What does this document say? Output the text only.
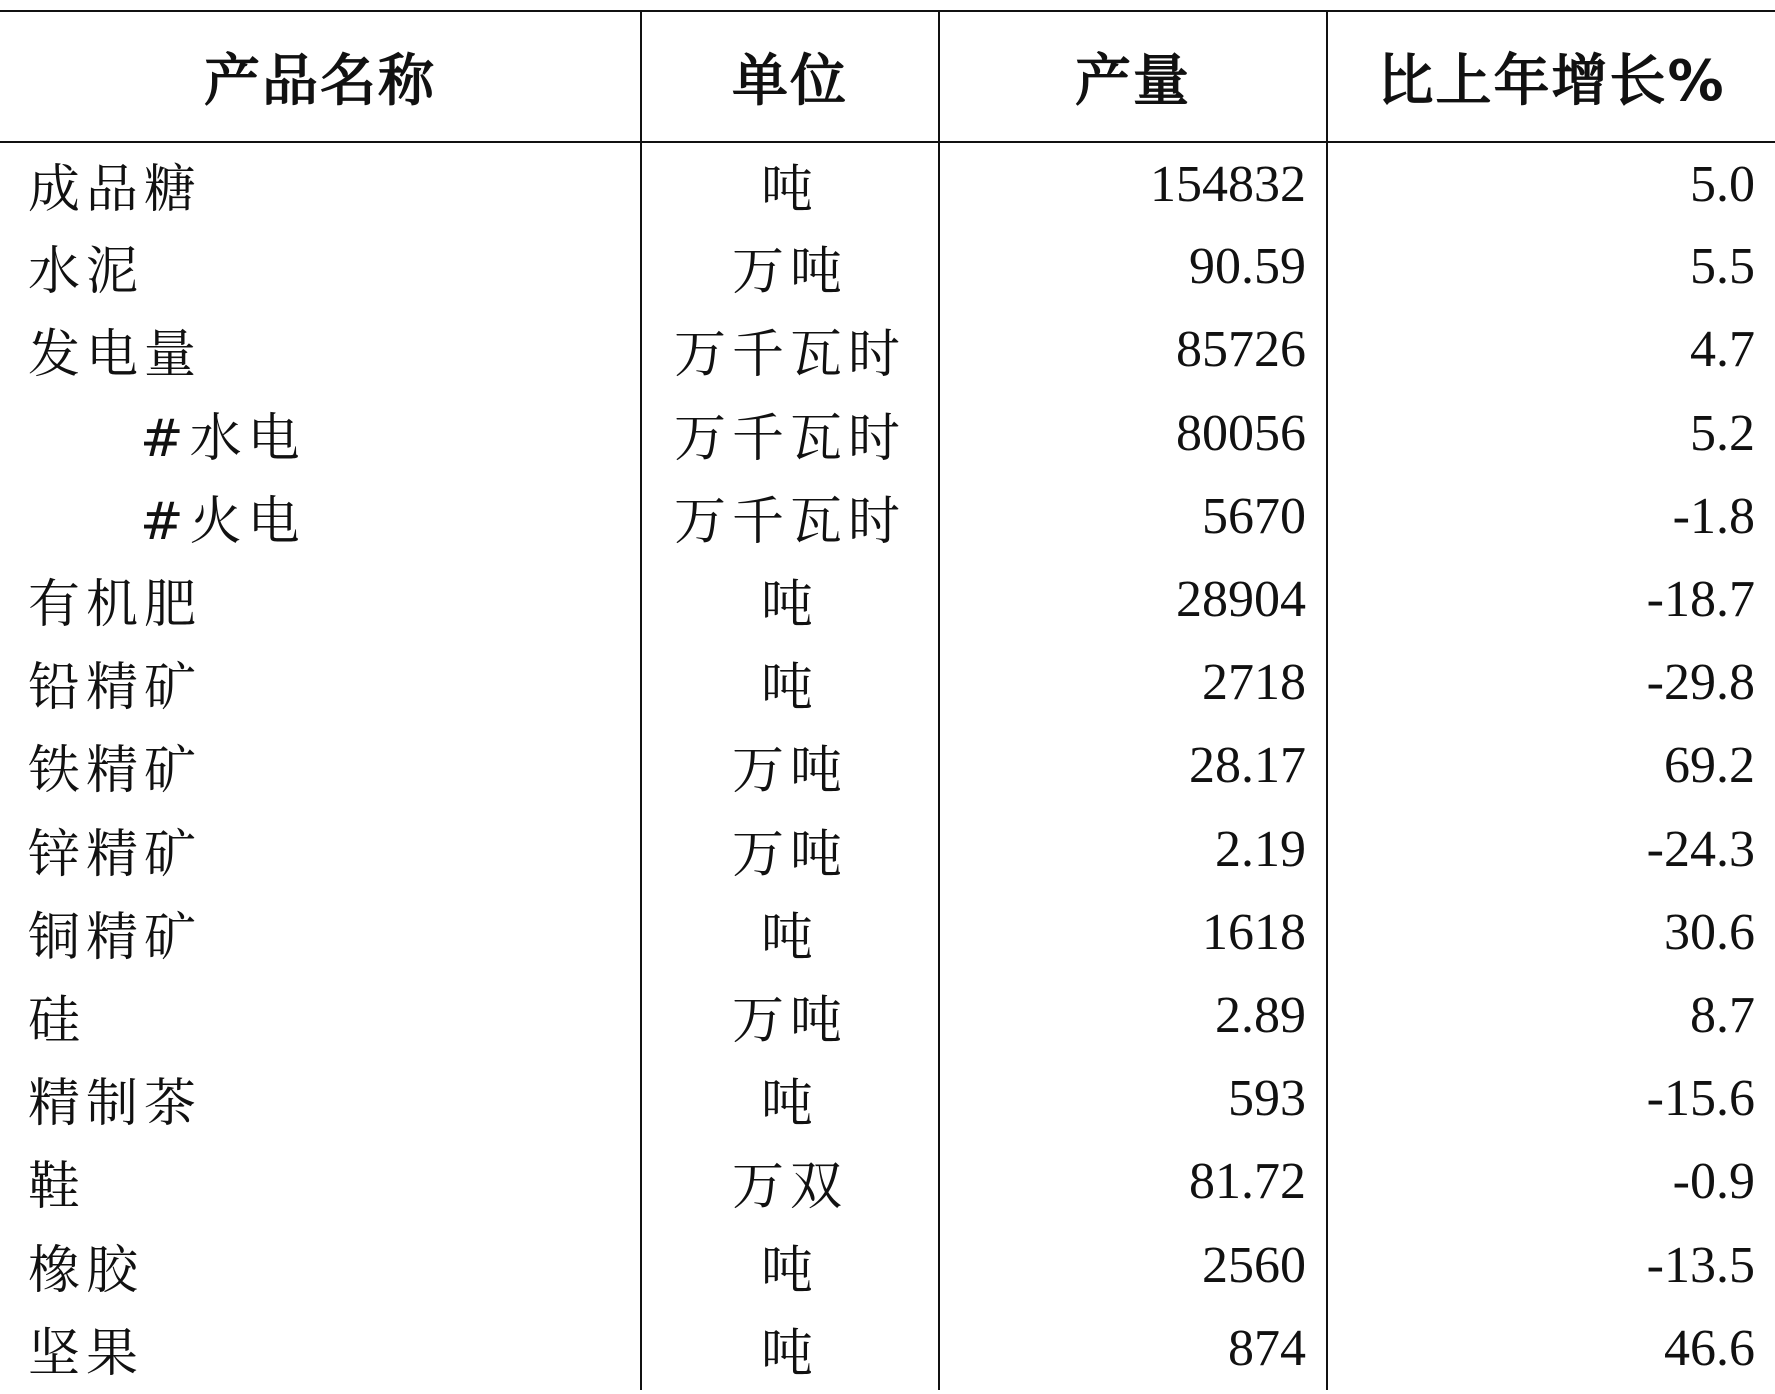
产品名称	单位	产量	比上年增长%
成品糖	吨	154832	5.0
水泥	万吨	90.59	5.5
发电量	万千瓦时	85726	4.7
#水电	万千瓦时	80056	5.2
#火电	万千瓦时	5670	-1.8
有机肥	吨	28904	-18.7
铅精矿	吨	2718	-29.8
铁精矿	万吨	28.17	69.2
锌精矿	万吨	2.19	-24.3
铜精矿	吨	1618	30.6
硅	万吨	2.89	8.7
精制茶	吨	593	-15.6
鞋	万双	81.72	-0.9
橡胶	吨	2560	-13.5
坚果	吨	874	46.6
